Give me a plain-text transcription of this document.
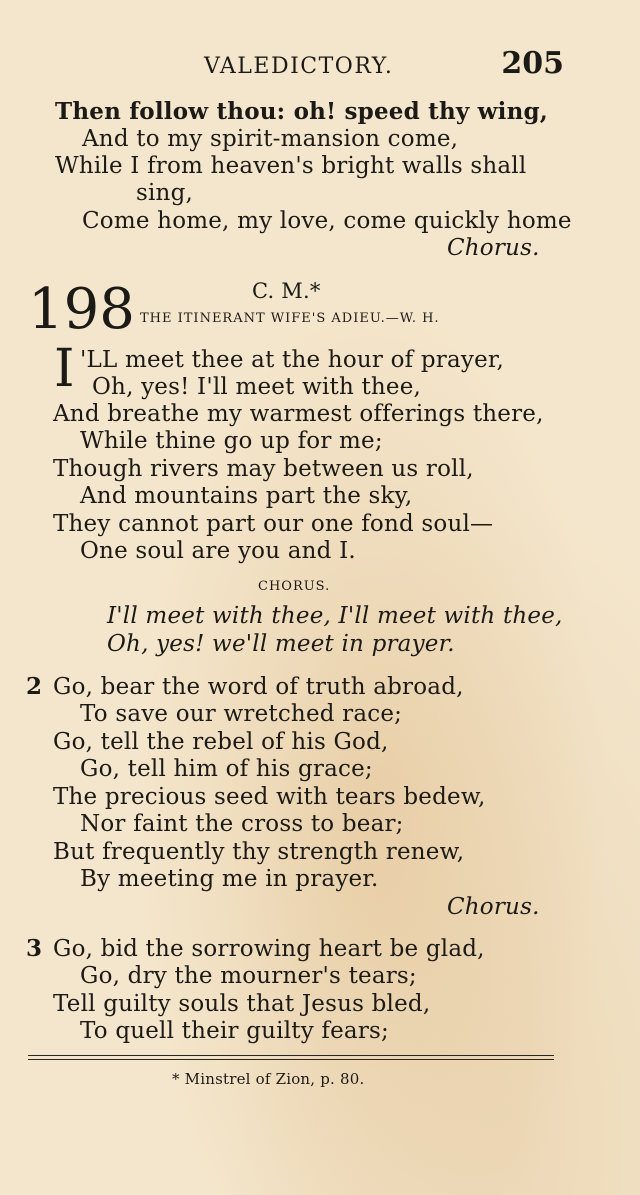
VALEDICTORY.	205
Then follow thou: oh! speed thy wing,
And to my spirit-mansion come,
While I from heaven's bright walls shall
sing,
Come home, my love, come quickly home
Chorus.
198	C. M.*
THE ITINERANT WIFE'S ADIEU.—W. H.
I 'LL meet thee at the hour of prayer,
Oh, yes! I'll meet with thee,
And breathe my warmest offerings there,
While thine go up for me;
Though rivers may between us roll,
And mountains part the sky,
They cannot part our one fond soul—
One soul are you and I.
CHORUS.
I'll meet with thee, I'll meet with thee,
Oh, yes! we'll meet in prayer.
2 Go, bear the word of truth abroad,
To save our wretched race;
Go, tell the rebel of his God,
Go, tell him of his grace;
The precious seed with tears bedew,
Nor faint the cross to bear;
But frequently thy strength renew,
By meeting me in prayer.
Chorus.
3 Go, bid the sorrowing heart be glad,
Go, dry the mourner's tears;
Tell guilty souls that Jesus bled,
To quell their guilty fears;
* Minstrel of Zion, p. 80.
